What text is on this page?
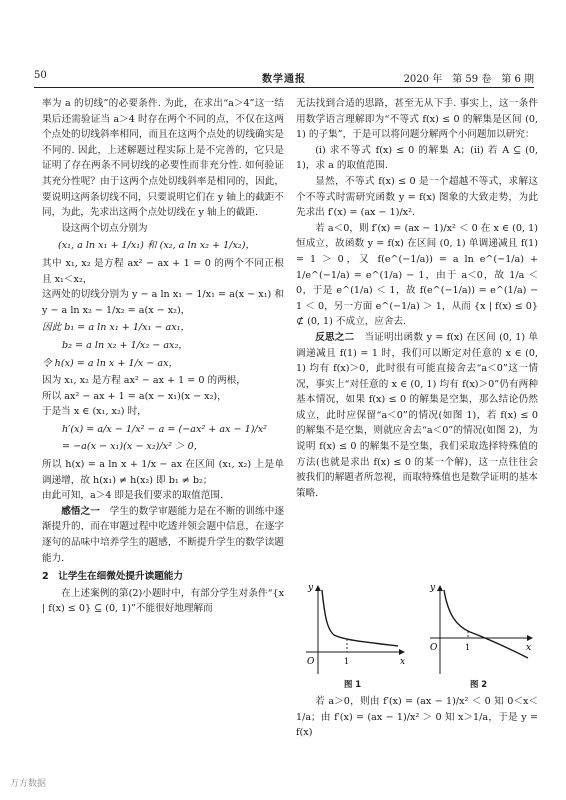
50	数学通报	2020 年　第 59 卷　第 6 期

率为 a 的切线”的必要条件. 为此，在求出“a＞4”这一结果后还需验证当 a＞4 时存在两个不同的点，不仅在这两个点处的切线斜率相同，而且在这两个点处的切线确实是不同的. 因此，上述解题过程实际上是不完善的，它只是证明了存在两条不同切线的必要性而非充分性. 如何验证其充分性呢？由于这两个点处切线斜率是相同的，因此，要说明这两条切线不同，只要说明它们在 y 轴上的截距不同，为此，先求出这两个点处切线在 y 轴上的截距.

设这两个切点分别为

(x₁, a ln x₁ + 1/x₁) 和 (x₂, a ln x₂ + 1/x₂)，

其中 x₁, x₂ 是方程 ax² − ax + 1 = 0 的两个不同正根且 x₁＜x₂，

这两处的切线分别为 y − a ln x₁ − 1/x₁ = a(x − x₁) 和 y − a ln x₂ − 1/x₂ = a(x − x₂)，

因此 b₁ = a ln x₁ + 1/x₁ − ax₁，
b₂ = a ln x₂ + 1/x₂ − ax₂，
令 h(x) = a ln x + 1/x − ax，

因为 x₁, x₂ 是方程 ax² − ax + 1 = 0 的两根，

所以 ax² − ax + 1 = a(x − x₁)(x − x₂)，

于是当 x ∈ (x₁, x₂) 时，

h′(x) = a/x − 1/x² − a = (−ax² + ax − 1)/x²
= −a(x − x₁)(x − x₂)/x² ＞ 0，

所以 h(x) = a ln x + 1/x − ax 在区间 (x₁, x₂) 上是单调递增，故 h(x₁) ≠ h(x₂) 即 b₁ ≠ b₂；

由此可知，a＞4 即是我们要求的取值范围.

感悟之一　学生的数学审题能力是在不断的训练中逐渐提升的，而在审题过程中吃透并领会题中信息，在逐字逐句的品味中培养学生的题感，不断提升学生的数学读题能力.

2　让学生在细微处提升读题能力

在上述案例的第(2)小题时中，有部分学生对条件“{x | f(x) ≤ 0} ⊆ (0, 1)”不能很好地理解而

无法找到合适的思路，甚至无从下手. 事实上，这一条件用数学语言理解即为“不等式 f(x) ≤ 0 的解集是区间 (0, 1) 的子集”，于是可以将问题分解两个小问题加以研究：

(i) 求不等式 f(x) ≤ 0 的解集 A；(ii) 若 A ⊆ (0, 1)，求 a 的取值范围.

显然，不等式 f(x) ≤ 0 是一个超越不等式，求解这个不等式时需研究函数 y = f(x) 图象的大致走势，为此先求出 f′(x) = (ax − 1)/x².

若 a＜0，则 f′(x) = (ax − 1)/x² ＜ 0 在 x ∈ (0, 1) 恒成立，故函数 y = f(x) 在区间 (0, 1) 单调递减且 f(1) = 1 ＞ 0，又 f(e^(−1/a)) = a ln e^(−1/a) + 1/e^(−1/a) = e^(1/a) − 1，由于 a＜0，故 1/a ＜ 0，于是 e^(1/a) ＜ 1，故 f(e^(−1/a)) = e^(1/a) − 1 ＜ 0，另一方面 e^(−1/a) ＞ 1，从而 {x | f(x) ≤ 0} ⊄ (0, 1) 不成立，应舍去.

反思之二　当证明出函数 y = f(x) 在区间 (0, 1) 单调递减且 f(1) = 1 时，我们可以断定对任意的 x ∈ (0, 1) 均有 f(x)＞0，此时很有可能直接舍去“a＜0”这一情况，事实上“对任意的 x ∈ (0, 1) 均有 f(x)＞0”仍有两种基本情况，如果 f(x) ≤ 0 的解集是空集，那么结论仍然成立，此时应保留“a＜0”的情况(如图 1)，若 f(x) ≤ 0 的解集不是空集，则就应舍去“a＜0”的情况(如图 2)，为说明 f(x) ≤ 0 的解集不是空集，我们采取选择特殊值的方法(也就是求出 f(x) ≤ 0 的某一个解)，这一点往往会被我们的解题者所忽视，而取特殊值也是数学证明的基本策略.

y
x
O	1
y
x
O	1
图 1	图 2

若 a＞0，则由 f′(x) = (ax − 1)/x² ＜ 0 知 0＜x＜1/a；由 f′(x) = (ax − 1)/x² ＞ 0 知 x＞1/a，于是 y = f(x)

万方数据
